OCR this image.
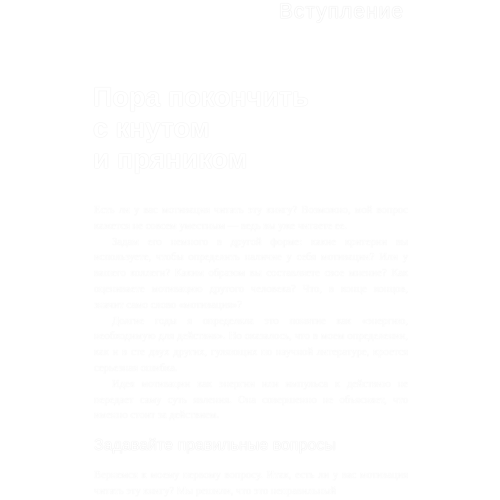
Вступление
Пора покончить
с кнутом
и пряником

Есть ли у вас мотивация читать эту книгу? Возможно, мой вопрос кажется не совсем уместным — ведь вы уже читаете ее.

Задам его немного в другой форме: какие критерии вы используете, чтобы определить наличие у себя мотивации? Или у вашего коллеги? Каким образом вы составляете свое мнение? Как оцениваете мотивацию другого человека? Что, в конце концов, значит само слово «мотивация»?

Долгие годы я определяла это понятие как «энергию, необходимую для действия». Но оказалось, что в моем определении, как и в сте двух других, гуляющих по научной литературе, кроется серьезная ошибка.

Идея мотивации как энергии или импульса к действию не передает саму суть явления. Она совершенно не объясняет, что именно стоит за действием.

Задавайте правильные вопросы

Вернемся к моему первому вопросу. Итак, есть ли у вас мотивация читать эту книгу? Мы решили, что это неправильный
